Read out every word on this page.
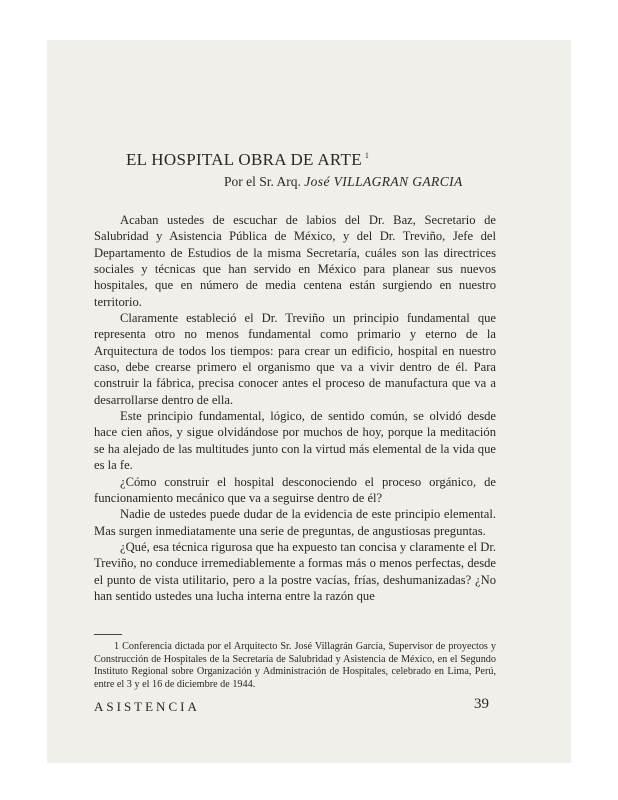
EL HOSPITAL OBRA DE ARTE $^1$
Por el Sr. Arq. José VILLAGRAN GARCIA

Acaban ustedes de escuchar de labios del Dr. Baz, Secretario de Salubridad y Asistencia Pública de México, y del Dr. Treviño, Jefe del Departamento de Estudios de la misma Secretaría, cuáles son las directrices sociales y técnicas que han servido en México para planear sus nuevos hospitales, que en número de media centena están surgiendo en nuestro territorio.

Claramente estableció el Dr. Treviño un principio fundamental que representa otro no menos fundamental como primario y eterno de la Arquitectura de todos los tiempos: para crear un edificio, hospital en nuestro caso, debe crearse primero el organismo que va a vivir dentro de él. Para construir la fábrica, precisa conocer antes el proceso de manufactura que va a desarrollarse dentro de ella.

Este principio fundamental, lógico, de sentido común, se olvidó desde hace cien años, y sigue olvidándose por muchos de hoy, porque la meditación se ha alejado de las multitudes junto con la virtud más elemental de la vida que es la fe.

¿Cómo construir el hospital desconociendo el proceso orgánico, de funcionamiento mecánico que va a seguirse dentro de él?

Nadie de ustedes puede dudar de la evidencia de este principio elemental. Mas surgen inmediatamente una serie de preguntas, de angustiosas preguntas.

¿Qué, esa técnica rigurosa que ha expuesto tan concisa y claramente el Dr. Treviño, no conduce irremediablemente a formas más o menos perfectas, desde el punto de vista utilitario, pero a la postre vacías, frías, deshumanizadas? ¿No han sentido ustedes una lucha interna entre la razón que

1 Conferencia dictada por el Arquitecto Sr. José Villagrán García, Supervisor de proyectos y Construcción de Hospitales de la Secretaría de Salubridad y Asistencia de México, en el Segundo Instituto Regional sobre Organización y Administración de Hospitales, celebrado en Lima, Perú, entre el 3 y el 16 de diciembre de 1944.

ASISTENCIA	39
